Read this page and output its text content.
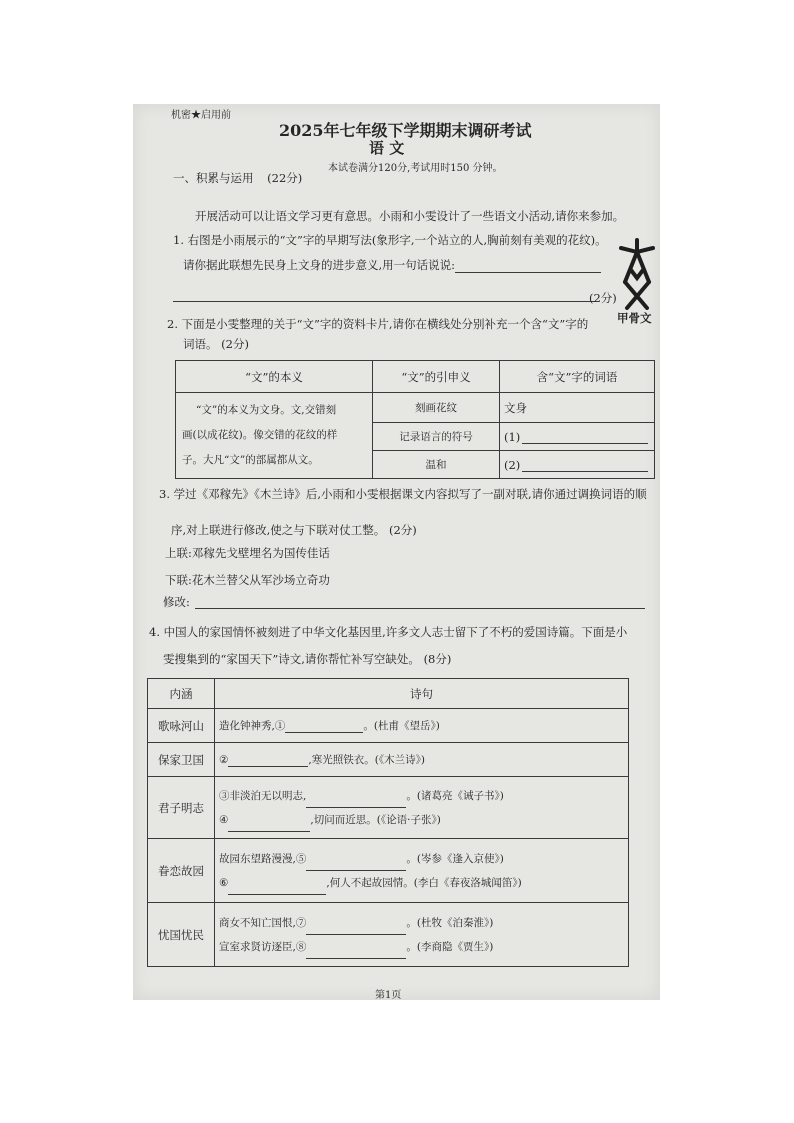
机密★启用前
2025年七年级下学期期末调研考试
语 文
本试卷满分120分,考试用时150 分钟。
一、积累与运用 (22分)
开展活动可以让语文学习更有意思。小雨和小雯设计了一些语文小活动,请你来参加。
1. 右图是小雨展示的“文”字的早期写法(象形字,一个站立的人,胸前刻有美观的花纹)。
请你据此联想先民身上文身的进步意义,用一句话说说:
(2分)
甲骨文
2. 下面是小雯整理的关于“文”字的资料卡片,请你在横线处分别补充一个含“文”字的
词语。 (2分)
“文”的本义	“文”的引申义	含“文”字的词语

“文”的本义为文身。文,交错刻
画(以成花纹)。像交错的花纹的样
子。大凡“文”的部属都从文。	刻画花纹	文身
	记录语言的符号	(1)
	温和	(2)
3. 学过《邓稼先》《木兰诗》后,小雨和小雯根据课文内容拟写了一副对联,请你通过调换词语的顺
序,对上联进行修改,使之与下联对仗工整。 (2分)
上联:邓稼先戈壁埋名为国传佳话
下联:花木兰替父从军沙场立奇功
修改:
4. 中国人的家国情怀被刻进了中华文化基因里,许多文人志士留下了不朽的爱国诗篇。下面是小
雯搜集到的“家国天下”诗文,请你帮忙补写空缺处。 (8分)
内涵	诗句
歌咏河山	造化钟神秀,① 。(杜甫《望岳》)
保家卫国	② ,寒光照铁衣。(《木兰诗》)
君子明志	③非淡泊无以明志, 。(诸葛亮《诫子书》)
④ ,切问而近思。(《论语·子张》)

眷恋故园	故园东望路漫漫,⑤ 。(岑参《逢入京使》)
⑥ ,何人不起故园情。(李白《春夜洛城闻笛》)

忧国忧民	商女不知亡国恨,⑦ 。(杜牧《泊秦淮》)
宣室求贤访逐臣,⑧ 。(李商隐《贾生》)
第1页
